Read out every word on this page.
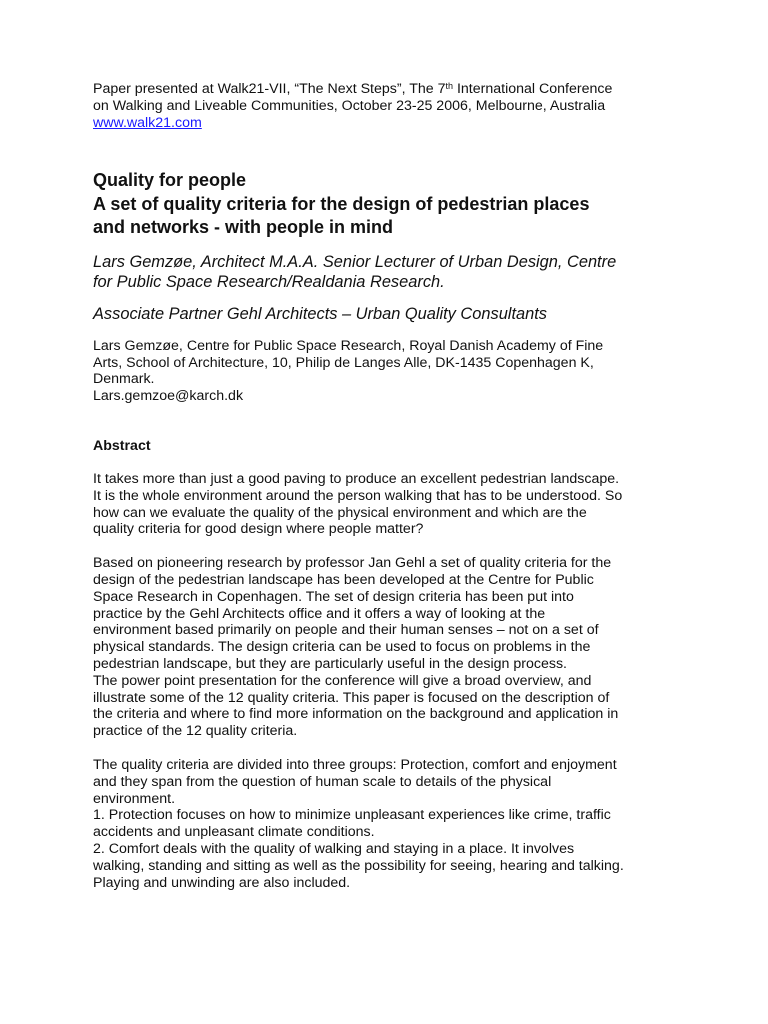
Paper presented at Walk21-VII, “The Next Steps”, The 7th International Conference
on Walking and Liveable Communities, October 23-25 2006, Melbourne, Australia
www.walk21.com

Quality for people
A set of quality criteria for the design of pedestrian places
and networks - with people in mind

Lars Gemzøe, Architect M.A.A. Senior Lecturer of Urban Design, Centre
for Public Space Research/Realdania Research.

Associate Partner Gehl Architects – Urban Quality Consultants

Lars Gemzøe, Centre for Public Space Research, Royal Danish Academy of Fine
Arts, School of Architecture, 10, Philip de Langes Alle, DK-1435 Copenhagen K,
Denmark.
Lars.gemzoe@karch.dk

Abstract

It takes more than just a good paving to produce an excellent pedestrian landscape.
It is the whole environment around the person walking that has to be understood. So
how can we evaluate the quality of the physical environment and which are the
quality criteria for good design where people matter?

Based on pioneering research by professor Jan Gehl a set of quality criteria for the
design of the pedestrian landscape has been developed at the Centre for Public
Space Research in Copenhagen. The set of design criteria has been put into
practice by the Gehl Architects office and it offers a way of looking at the
environment based primarily on people and their human senses – not on a set of
physical standards. The design criteria can be used to focus on problems in the
pedestrian landscape, but they are particularly useful in the design process.
The power point presentation for the conference will give a broad overview, and
illustrate some of the 12 quality criteria. This paper is focused on the description of
the criteria and where to find more information on the background and application in
practice of the 12 quality criteria.

The quality criteria are divided into three groups: Protection, comfort and enjoyment
and they span from the question of human scale to details of the physical
environment.
1. Protection focuses on how to minimize unpleasant experiences like crime, traffic
accidents and unpleasant climate conditions.
2. Comfort deals with the quality of walking and staying in a place. It involves
walking, standing and sitting as well as the possibility for seeing, hearing and talking.
Playing and unwinding are also included.
